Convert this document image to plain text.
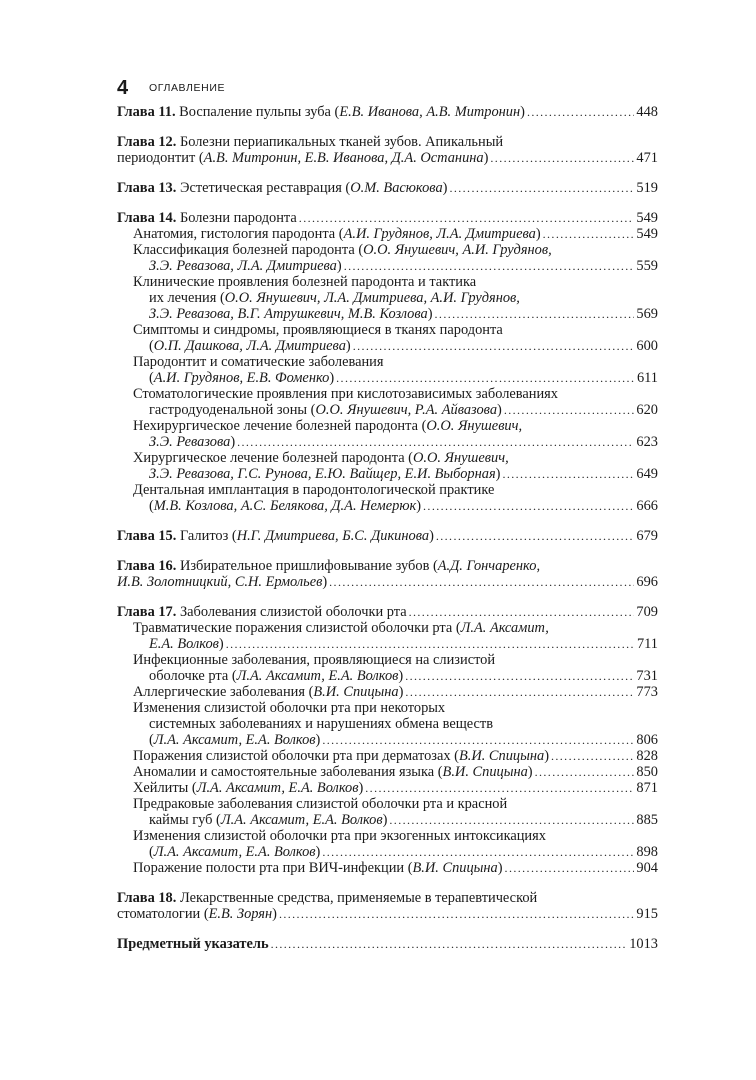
4 ОГЛАВЛЕНИЕ
Глава 11. Воспаление пульпы зуба (Е.В. Иванова, А.В. Митронин) .....	448
Глава 12. Болезни периапикальных тканей зубов. Апикальный
периодонтит (А.В. Митронин, Е.В. Иванова, Д.А. Останина) .....	471
Глава 13. Эстетическая реставрация (О.М. Васюкова) .....	519
Глава 14. Болезни пародонта .....	549
Анатомия, гистология пародонта (А.И. Грудянов, Л.А. Дмитриева) .....	549
Классификация болезней пародонта (О.О. Янушевич, А.И. Грудянов,
З.Э. Ревазова, Л.А. Дмитриева) .....	559
Клинические проявления болезней пародонта и тактика
их лечения (О.О. Янушевич, Л.А. Дмитриева, А.И. Грудянов,
З.Э. Ревазова, В.Г. Атрушкевич, М.В. Козлова) .....	569
Симптомы и синдромы, проявляющиеся в тканях пародонта
(О.П. Дашкова, Л.А. Дмитриева) .....	600
Пародонтит и соматические заболевания
(А.И. Грудянов, Е.В. Фоменко) .....	611
Стоматологические проявления при кислотозависимых заболеваниях
гастродуоденальной зоны (О.О. Янушевич, Р.А. Айвазова) .....	620
Нехирургическое лечение болезней пародонта (О.О. Янушевич,
З.Э. Ревазова) .....	623
Хирургическое лечение болезней пародонта (О.О. Янушевич,
З.Э. Ревазова, Г.С. Рунова, Е.Ю. Вайщер, Е.И. Выборная) .....	649
Дентальная имплантация в пародонтологической практике
(М.В. Козлова, А.С. Белякова, Д.А. Немерюк) .....	666
Глава 15. Галитоз (Н.Г. Дмитриева, Б.С. Дикинова) .....	679
Глава 16. Избирательное пришлифовывание зубов (А.Д. Гончаренко,
И.В. Золотницкий, С.Н. Ермольев) .....	696
Глава 17. Заболевания слизистой оболочки рта .....	709
Травматические поражения слизистой оболочки рта (Л.А. Аксамит,
Е.А. Волков) .....	711
Инфекционные заболевания, проявляющиеся на слизистой
оболочке рта (Л.А. Аксамит, Е.А. Волков) .....	731
Аллергические заболевания (В.И. Спицына) .....	773
Изменения слизистой оболочки рта при некоторых
системных заболеваниях и нарушениях обмена веществ
(Л.А. Аксамит, Е.А. Волков) .....	806
Поражения слизистой оболочки рта при дерматозах (В.И. Спицына) .....	828
Аномалии и самостоятельные заболевания языка (В.И. Спицына) .....	850
Хейлиты (Л.А. Аксамит, Е.А. Волков) .....	871
Предраковые заболевания слизистой оболочки рта и красной
каймы губ (Л.А. Аксамит, Е.А. Волков) .....	885
Изменения слизистой оболочки рта при экзогенных интоксикациях
(Л.А. Аксамит, Е.А. Волков) .....	898
Поражение полости рта при ВИЧ-инфекции (В.И. Спицына) .....	904
Глава 18. Лекарственные средства, применяемые в терапевтической
стоматологии (Е.В. Зорян) .....	915
Предметный указатель .....	1013
